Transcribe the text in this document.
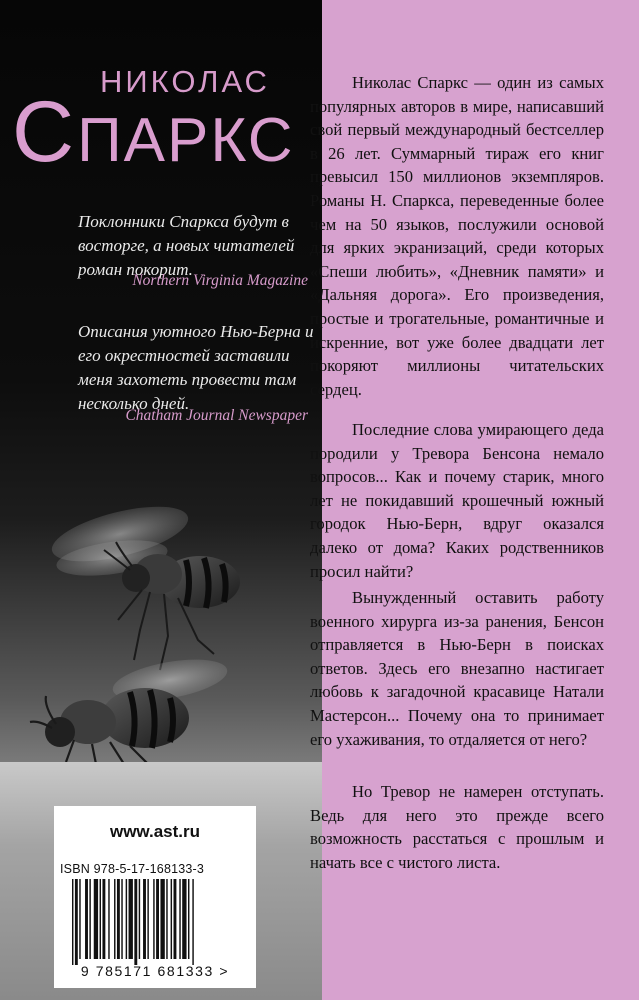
НИКОЛАС
СПАРКС
Поклонники Спаркса будут в восторге, а новых читателей роман покорит.
Northern Virginia Magazine
Описания уютного Нью-Берна и его окрестностей заставили меня захотеть провести там несколько дней.
Chatham Journal Newspaper
www.ast.ru
ISBN 978-5-17-168133-3
9 785171 681333 >
Николас Спаркс — один из самых популярных авторов в мире, написавший свой первый международный бестселлер в 26 лет. Суммарный тираж его книг превысил 150 миллионов экземпляров. Романы Н. Спаркса, переведенные более чем на 50 языков, послужили основой для ярких экранизаций, среди которых «Спеши любить», «Дневник памяти» и «Дальняя дорога». Его произведения, простые и трогательные, романтичные и искренние, вот уже более двадцати лет покоряют миллионы читательских сердец.
Последние слова умирающего деда породили у Тревора Бенсона немало вопросов... Как и почему старик, много лет не покидавший крошечный южный городок Нью-Берн, вдруг оказался далеко от дома? Каких родственников просил найти?
Вынужденный оставить работу военного хирурга из-за ранения, Бенсон отправляется в Нью-Берн в поисках ответов. Здесь его внезапно настигает любовь к загадочной красавице Натали Мастерсон... Почему она то принимает его ухаживания, то отдаляется от него?
Но Тревор не намерен отступать. Ведь для него это прежде всего возможность расстаться с прошлым и начать все с чистого листа.
